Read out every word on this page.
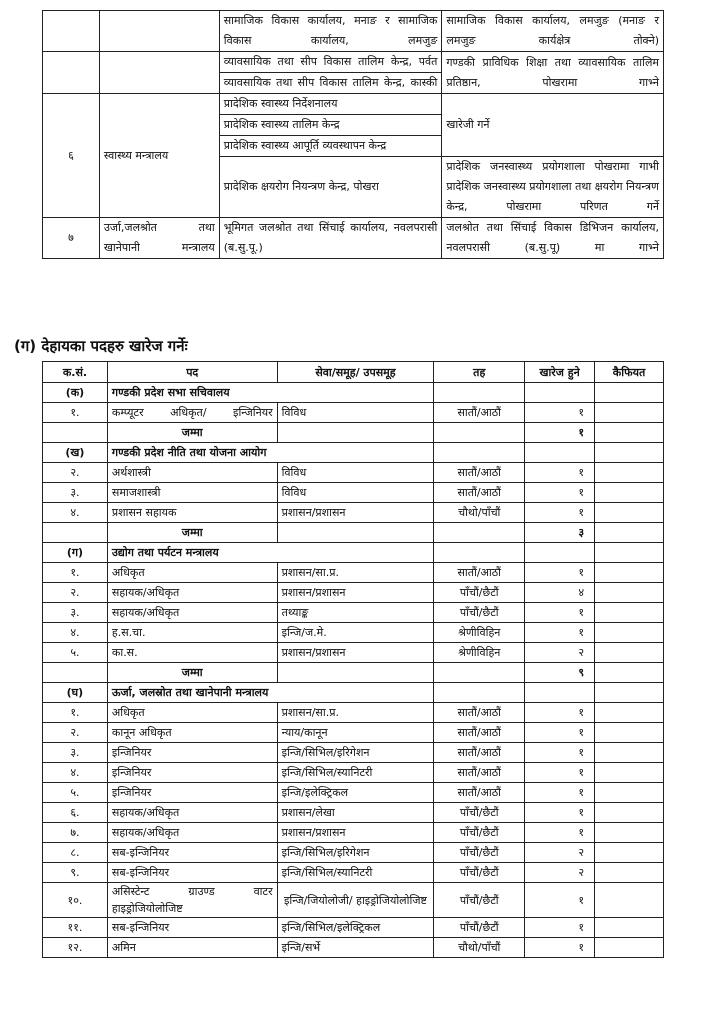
		सामाजिक विकास कार्यालय, मनाङ र सामाजिक विकास कार्यालय, लमजुङ	सामाजिक विकास कार्यालय, लमजुङ (मनाङ र लमजुङ कार्यक्षेत्र तोक्ने)
		व्यावसायिक तथा सीप विकास तालिम केन्द्र, पर्वत	गण्डकी प्राविधिक शिक्षा तथा व्यावसायिक तालिम प्रतिष्ठान, पोखरामा गाभ्ने
		व्यावसायिक तथा सीप विकास तालिम केन्द्र, कास्की	
६	स्वास्थ्य मन्त्रालय	प्रादेशिक स्वास्थ्य निर्देशनालय	खारेजी गर्ने
		प्रादेशिक स्वास्थ्य तालिम केन्द्र	
		प्रादेशिक स्वास्थ्य आपूर्ति व्यवस्थापन केन्द्र	
		प्रादेशिक क्षयरोग नियन्त्रण केन्द्र, पोखरा	प्रादेशिक जनस्वास्थ्य प्रयोगशाला पोखरामा गाभी प्रादेशिक जनस्वास्थ्य प्रयोगशाला तथा क्षयरोग नियन्त्रण केन्द्र, पोखरामा परिणत गर्ने
७	उर्जा,जलश्रोत तथा खानेपानी मन्त्रालय	भूमिगत जलश्रोत तथा सिंचाई कार्यालय, नवलपरासी (ब.सु.पू.)	जलश्रोत तथा सिंचाई विकास डिभिजन कार्यालय, नवलपरासी (ब.सु.पू) मा गाभ्ने
(ग) देहायका पदहरु खारेज गर्नेः
क.सं.	पद	सेवा/समूह/ उपसमूह	तह	खारेज हुने	कैफियत
(क)	गण्डकी प्रदेश सभा सचिवालय				
१.	कम्प्यूटर अधिकृत/ इन्जिनियर	विविध	सातौं/आठौं	१	
	जम्मा			१	
(ख)	गण्डकी प्रदेश नीति तथा योजना आयोग				
२.	अर्थशास्त्री	विविध	सातौं/आठौं	१	
३.	समाजशास्त्री	विविध	सातौं/आठौं	१	
४.	प्रशासन सहायक	प्रशासन/प्रशासन	चौथो/पाँचौं	१	
	जम्मा			३	
(ग)	उद्योग तथा पर्यटन मन्त्रालय				
१.	अधिकृत	प्रशासन/सा.प्र.	सातौं/आठौं	१	
२.	सहायक/अधिकृत	प्रशासन/प्रशासन	पाँचौं/छैटौं	४	
३.	सहायक/अधिकृत	तथ्याङ्क	पाँचौं/छैटौं	१	
४.	ह.स.चा.	इन्जि/ज.मे.	श्रेणीविहिन	१	
५.	का.स.	प्रशासन/प्रशासन	श्रेणीविहिन	२	
	जम्मा			९	
(घ)	ऊर्जा, जलस्रोत तथा खानेपानी मन्त्रालय				
१.	अधिकृत	प्रशासन/सा.प्र.	सातौं/आठौं	१	
२.	कानून अधिकृत	न्याय/कानून	सातौं/आठौं	१	
३.	इन्जिनियर	इन्जि/सिभिल/इरिगेशन	सातौं/आठौं	१	
४.	इन्जिनियर	इन्जि/सिभिल/स्यानिटरी	सातौं/आठौं	१	
५.	इन्जिनियर	इन्जि/इलेक्ट्रिकल	सातौं/आठौं	१	
६.	सहायक/अधिकृत	प्रशासन/लेखा	पाँचौं/छैटौं	१	
७.	सहायक/अधिकृत	प्रशासन/प्रशासन	पाँचौं/छैटौं	१	
८.	सब-इन्जिनियर	इन्जि/सिभिल/इरिगेशन	पाँचौं/छैटौं	२	
९.	सब-इन्जिनियर	इन्जि/सिभिल/स्यानिटरी	पाँचौं/छैटौं	२	
१०.	असिस्टेन्ट ग्राउण्ड वाटर हाइड्रोजियोलोजिष्ट	इन्जि/जियोलोजी/ हाइड्रोजियोलोजिष्ट	पाँचौं/छैटौं	१	
११.	सब-इन्जिनियर	इन्जि/सिभिल/इलेक्ट्रिकल	पाँचौं/छैटौं	१	
१२.	अमिन	इन्जि/सर्भे	चौथो/पाँचौं	१	
